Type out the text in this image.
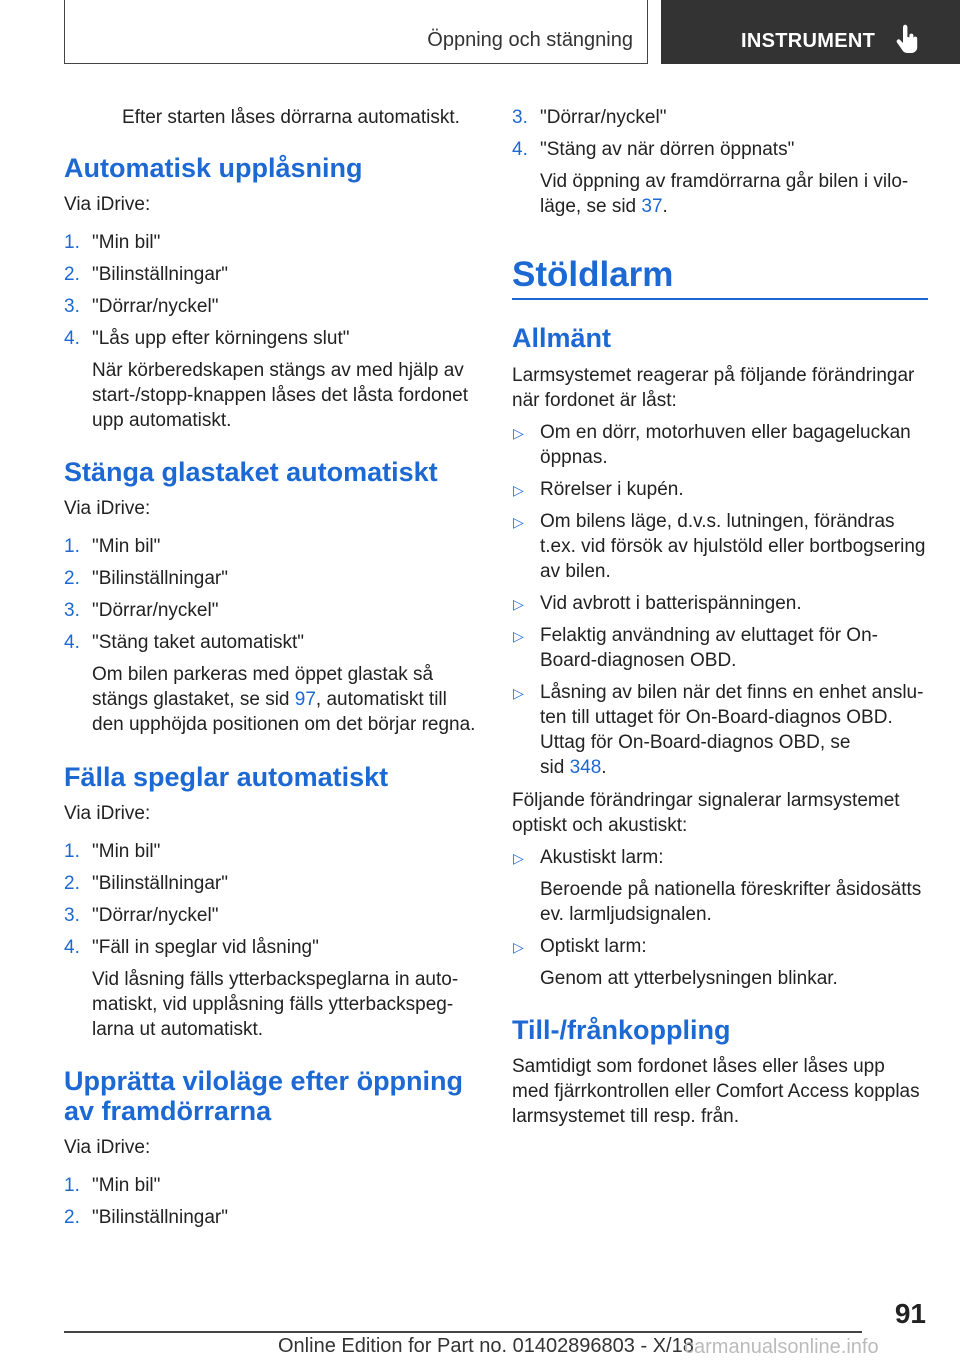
Öppning och stängning	INSTRUMENT
Efter starten låses dörrarna automatiskt.
Automatisk upplåsning
Via iDrive:
1. "Min bil"
2. "Bilinställningar"
3. "Dörrar/nyckel"
4. "Lås upp efter körningens slut"
När körberedskapen stängs av med hjälp av
start-/stopp-knappen låses det låsta fordonet
upp automatiskt.
Stänga glastaket automatiskt
Via iDrive:
1. "Min bil"
2. "Bilinställningar"
3. "Dörrar/nyckel"
4. "Stäng taket automatiskt"
Om bilen parkeras med öppet glastak så
stängs glastaket, se sid 97, automatiskt till
den upphöjda positionen om det börjar regna.
Fälla speglar automatiskt
Via iDrive:
1. "Min bil"
2. "Bilinställningar"
3. "Dörrar/nyckel"
4. "Fäll in speglar vid låsning"
Vid låsning fälls ytterbackspeglarna in auto‐
matiskt, vid upplåsning fälls ytterbackspeg‐
larna ut automatiskt.
Upprätta viloläge efter öppning
av framdörrarna
Via iDrive:
1. "Min bil"
2. "Bilinställningar"
3. "Dörrar/nyckel"
4. "Stäng av när dörren öppnats"
Vid öppning av framdörrarna går bilen i vilo‐
läge, se sid 37.
Stöldlarm
Allmänt
Larmsystemet reagerar på följande förändringar
när fordonet är låst:
▷ Om en dörr, motorhuven eller bagageluckan
öppnas.
▷ Rörelser i kupén.
▷ Om bilens läge, d.v.s. lutningen, förändras
t.ex. vid försök av hjulstöld eller bortbogsering
av bilen.
▷ Vid avbrott i batterispänningen.
▷ Felaktig användning av eluttaget för On-
Board-diagnosen OBD.
▷ Låsning av bilen när det finns en enhet anslu‐
ten till uttaget för On-Board-diagnos OBD.
Uttag för On-Board-diagnos OBD, se
sid 348.
Följande förändringar signalerar larmsystemet
optiskt och akustiskt:
▷ Akustiskt larm:
Beroende på nationella föreskrifter åsidosätts
ev. larmljudsignalen.
▷ Optiskt larm:
Genom att ytterbelysningen blinkar.
Till-/frånkoppling
Samtidigt som fordonet låses eller låses upp
med fjärrkontrollen eller Comfort Access kopplas
larmsystemet till resp. från.
91
Online Edition for Part no. 01402896803 - X/18
carmanualsonline.info
